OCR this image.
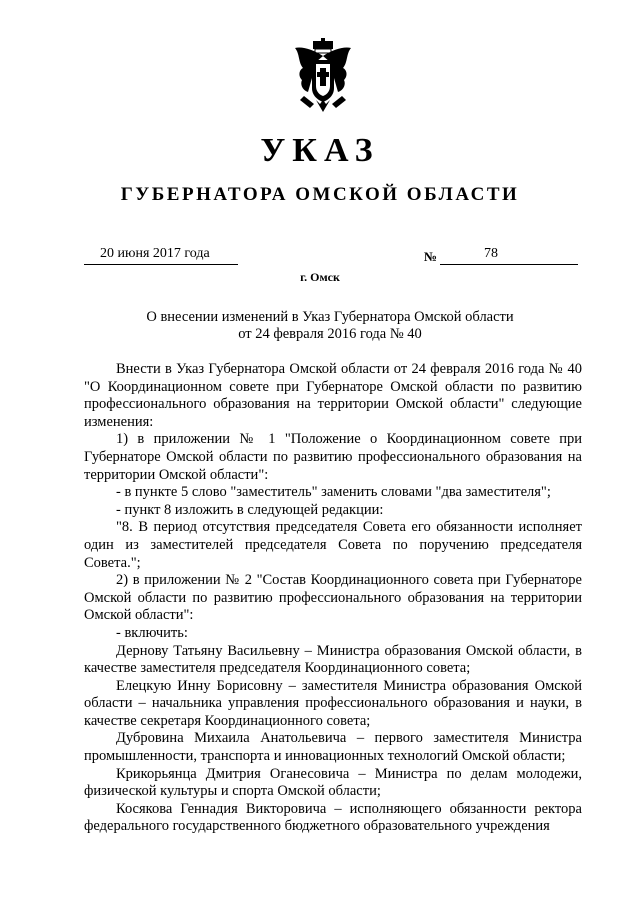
УКАЗ
ГУБЕРНАТОРА ОМСКОЙ ОБЛАСТИ
20 июня 2017 года	№	78
г. Омск
О внесении изменений в Указ Губернатора Омской области
от 24 февраля 2016 года № 40

Внести в Указ Губернатора Омской области от 24 февраля 2016 года № 40 "О Координационном совете при Губернаторе Омской области по развитию профессионального образования на территории Омской области" следующие изменения:

1) в приложении № 1 "Положение о Координационном совете при Губернаторе Омской области по развитию профессионального образования на территории Омской области":

- в пункте 5 слово "заместитель" заменить словами "два заместителя";

- пункт 8 изложить в следующей редакции:

"8. В период отсутствия председателя Совета его обязанности исполняет один из заместителей председателя Совета по поручению председателя Совета.";

2) в приложении № 2 "Состав Координационного совета при Губернаторе Омской области по развитию профессионального образования на территории Омской области":

- включить:

Дернову Татьяну Васильевну – Министра образования Омской области, в качестве заместителя председателя Координационного совета;

Елецкую Инну Борисовну – заместителя Министра образования Омской области – начальника управления профессионального образования и науки, в качестве секретаря Координационного совета;

Дубровина Михаила Анатольевича – первого заместителя Министра промышленности, транспорта и инновационных технологий Омской области;

Крикорьянца Дмитрия Оганесовича – Министра по делам молодежи, физической культуры и спорта Омской области;

Косякова Геннадия Викторовича – исполняющего обязанности ректора федерального государственного бюджетного образовательного учреждения
